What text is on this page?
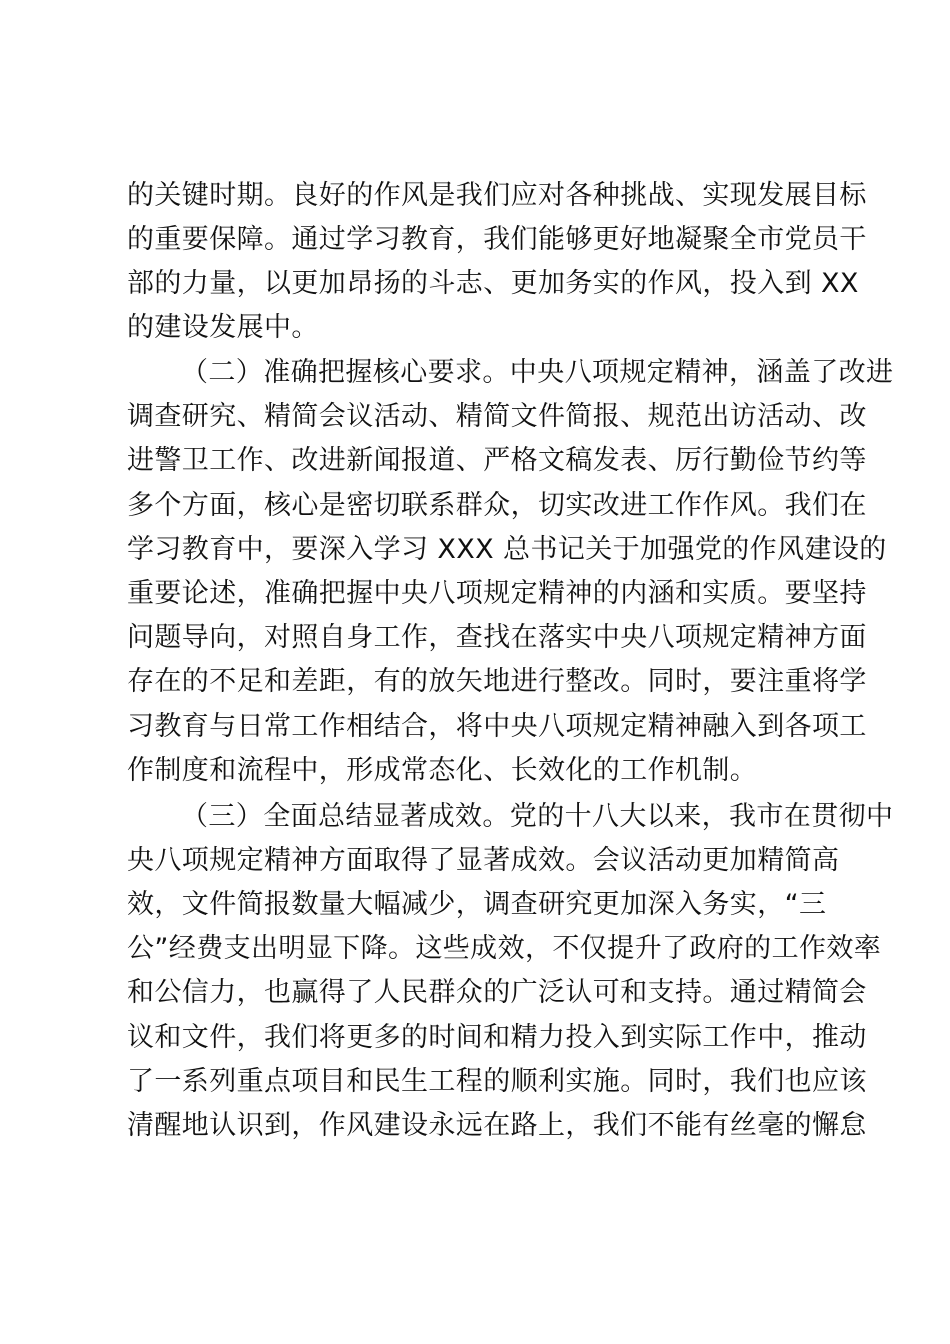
的关键时期。良好的作风是我们应对各种挑战、实现发展目标
的重要保障。通过学习教育，我们能够更好地凝聚全市党员干
部的力量，以更加昂扬的斗志、更加务实的作风，投入到 XX
的建设发展中。
（二）准确把握核心要求。中央八项规定精神，涵盖了改进
调查研究、精简会议活动、精简文件简报、规范出访活动、改
进警卫工作、改进新闻报道、严格文稿发表、厉行勤俭节约等
多个方面，核心是密切联系群众，切实改进工作作风。我们在
学习教育中，要深入学习 XXX 总书记关于加强党的作风建设的
重要论述，准确把握中央八项规定精神的内涵和实质。要坚持
问题导向，对照自身工作，查找在落实中央八项规定精神方面
存在的不足和差距，有的放矢地进行整改。同时，要注重将学
习教育与日常工作相结合，将中央八项规定精神融入到各项工
作制度和流程中，形成常态化、长效化的工作机制。
（三）全面总结显著成效。党的十八大以来，我市在贯彻中
央八项规定精神方面取得了显著成效。会议活动更加精简高
效，文件简报数量大幅减少，调查研究更加深入务实，“三
公”经费支出明显下降。这些成效，不仅提升了政府的工作效率
和公信力，也赢得了人民群众的广泛认可和支持。通过精简会
议和文件，我们将更多的时间和精力投入到实际工作中，推动
了一系列重点项目和民生工程的顺利实施。同时，我们也应该
清醒地认识到，作风建设永远在路上，我们不能有丝毫的懈怠
